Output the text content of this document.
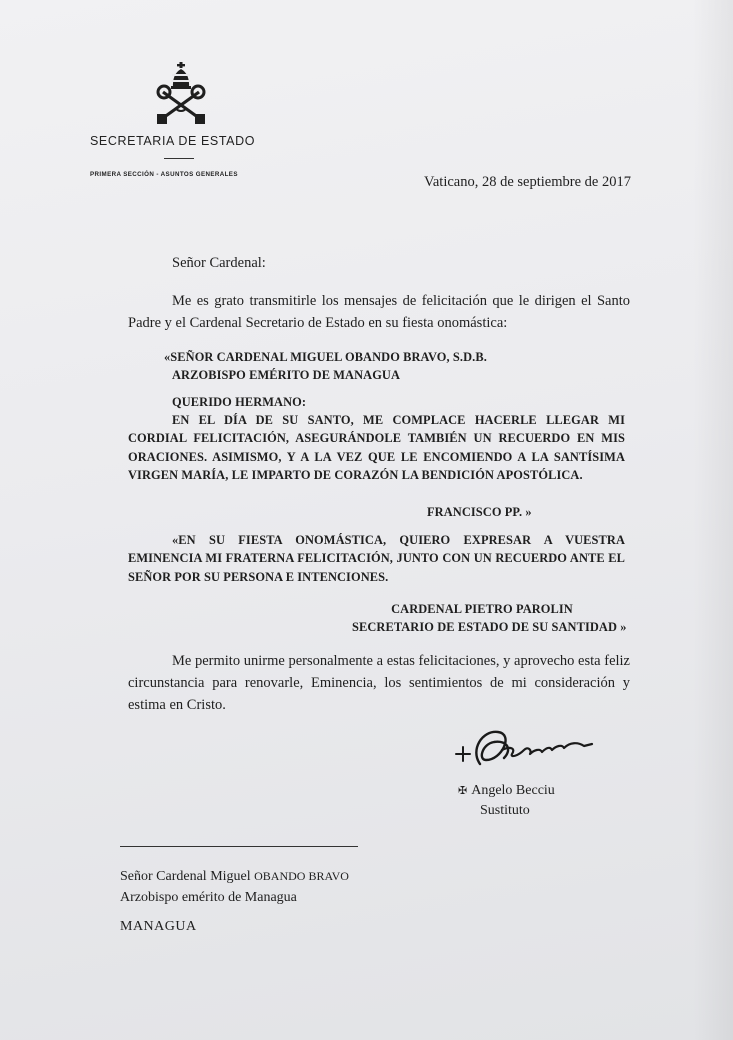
SECRETARIA DE ESTADO
PRIMERA SECCIÓN - ASUNTOS GENERALES	Vaticano, 28 de septiembre de 2017
Señor Cardenal:
Me es grato transmitirle los mensajes de felicitación que le dirigen el Santo Padre y el Cardenal Secretario de Estado en su fiesta onomástica:
«SEÑOR CARDENAL MIGUEL OBANDO BRAVO, S.D.B.
ARZOBISPO EMÉRITO DE MANAGUA
QUERIDO HERMANO:
EN EL DÍA DE SU SANTO, ME COMPLACE HACERLE LLEGAR MI CORDIAL FELICITACIÓN, ASEGURÁNDOLE TAMBIÉN UN RECUERDO EN MIS ORACIONES. ASIMISMO, Y A LA VEZ QUE LE ENCOMIENDO A LA SANTÍSIMA VIRGEN MARÍA, LE IMPARTO DE CORAZÓN LA BENDICIÓN APOSTÓLICA.
FRANCISCO PP. »
«EN SU FIESTA ONOMÁSTICA, QUIERO EXPRESAR A VUESTRA EMINENCIA MI FRATERNA FELICITACIÓN, JUNTO CON UN RECUERDO ANTE EL SEÑOR POR SU PERSONA E INTENCIONES.
CARDENAL PIETRO PAROLIN
SECRETARIO DE ESTADO DE SU SANTIDAD »
Me permito unirme personalmente a estas felicitaciones, y aprovecho esta feliz circunstancia para renovarle, Eminencia, los sentimientos de mi consideración y estima en Cristo.
✠ Angelo Becciu
Sustituto
Señor Cardenal Miguel OBANDO BRAVO
Arzobispo emérito de Managua
MANAGUA
